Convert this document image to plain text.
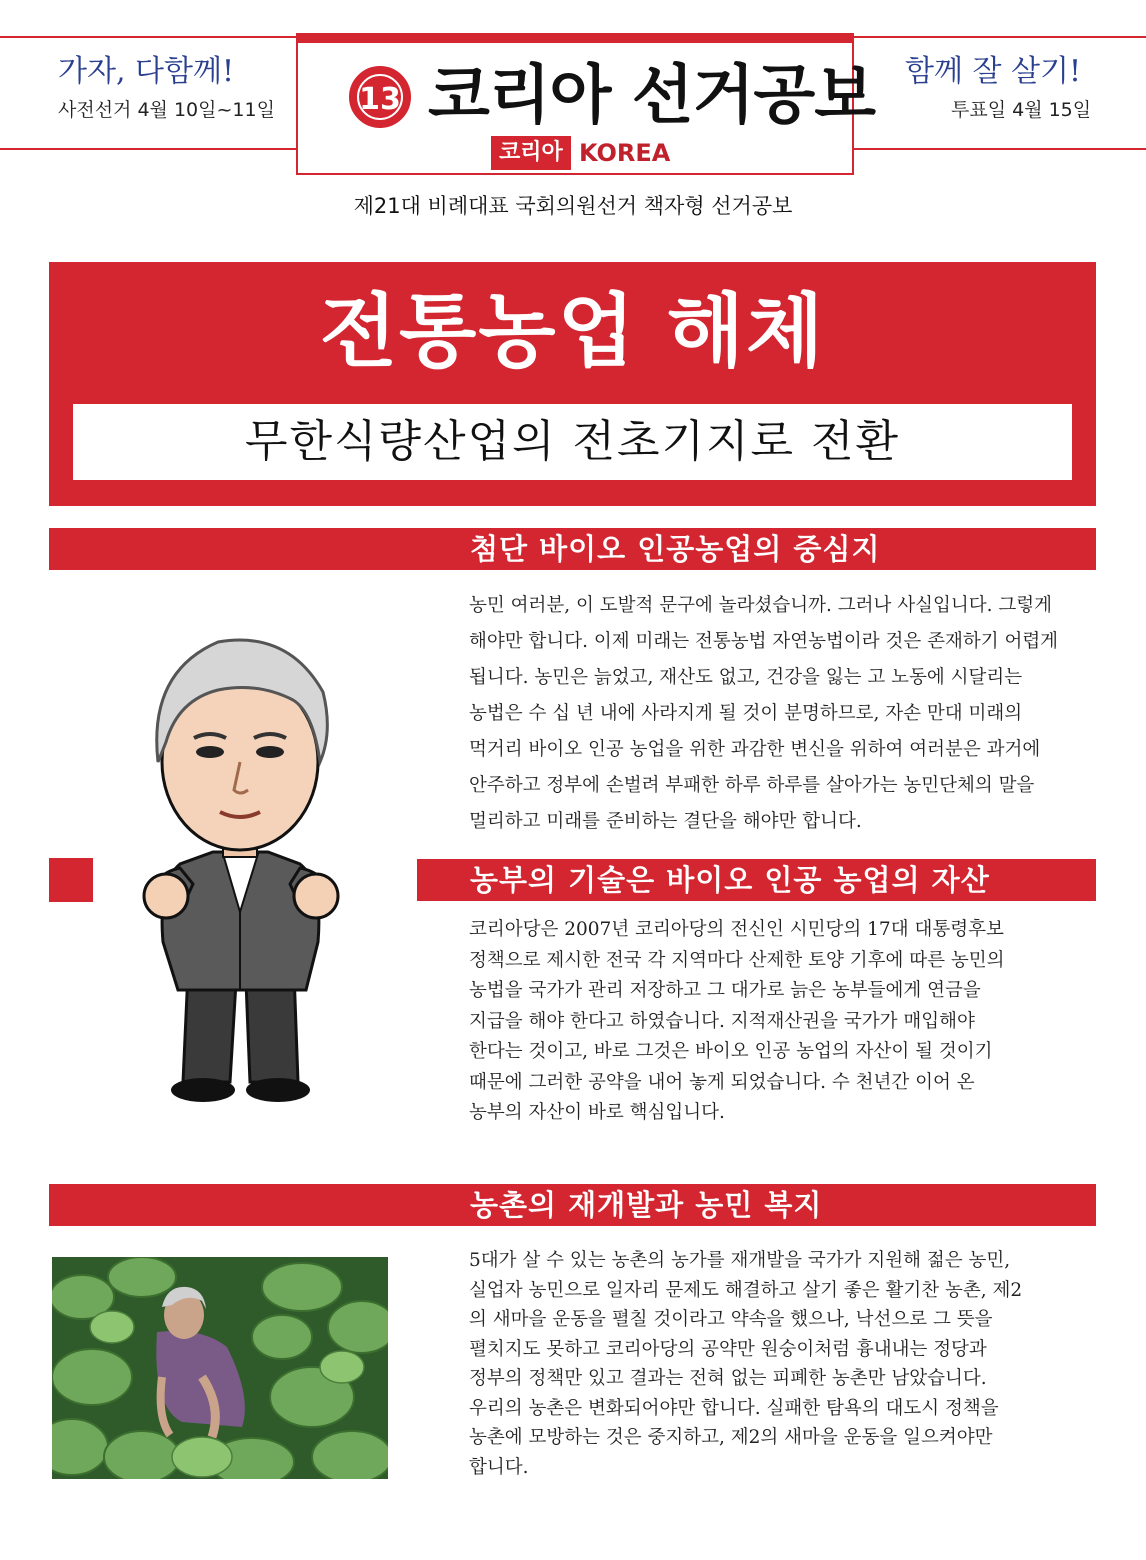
가자, 다함께!
사전선거 4월 10일~11일
함께 잘 살기!
투표일 4월 15일
13 코리아 선거공보
코리아 KOREA
제21대 비례대표 국회의원선거 책자형 선거공보
전통농업 해체
무한식량산업의 전초기지로 전환
첨단 바이오 인공농업의 중심지
농민 여러분, 이 도발적 문구에 놀라셨습니까. 그러나 사실입니다. 그렇게
해야만 합니다. 이제 미래는 전통농법 자연농법이라 것은 존재하기 어렵게
됩니다. 농민은 늙었고, 재산도 없고, 건강을 잃는 고 노동에 시달리는
농법은 수 십 년 내에 사라지게 될 것이 분명하므로, 자손 만대 미래의
먹거리 바이오 인공 농업을 위한 과감한 변신을 위하여 여러분은 과거에
안주하고 정부에 손벌려 부패한 하루 하루를 살아가는 농민단체의 말을
멀리하고 미래를 준비하는 결단을 해야만 합니다.
농부의 기술은 바이오 인공 농업의 자산
코리아당은 2007년 코리아당의 전신인 시민당의 17대 대통령후보
정책으로 제시한 전국 각 지역마다 산제한 토양 기후에 따른 농민의
농법을 국가가 관리 저장하고 그 대가로 늙은 농부들에게 연금을
지급을 해야 한다고 하였습니다. 지적재산권을 국가가 매입해야
한다는 것이고, 바로 그것은 바이오 인공 농업의 자산이 될 것이기
때문에 그러한 공약을 내어 놓게 되었습니다. 수 천년간 이어 온
농부의 자산이 바로 핵심입니다.
농촌의 재개발과 농민 복지
5대가 살 수 있는 농촌의 농가를 재개발을 국가가 지원해 젊은 농민,
실업자 농민으로 일자리 문제도 해결하고 살기 좋은 활기찬 농촌, 제2
의 새마을 운동을 펼칠 것이라고 약속을 했으나, 낙선으로 그 뜻을
펼치지도 못하고 코리아당의 공약만 원숭이처럼 흉내내는 정당과
정부의 정책만 있고 결과는 전혀 없는 피폐한 농촌만 남았습니다.
우리의 농촌은 변화되어야만 합니다. 실패한 탐욕의 대도시 정책을
농촌에 모방하는 것은 중지하고, 제2의 새마을 운동을 일으켜야만
합니다.
